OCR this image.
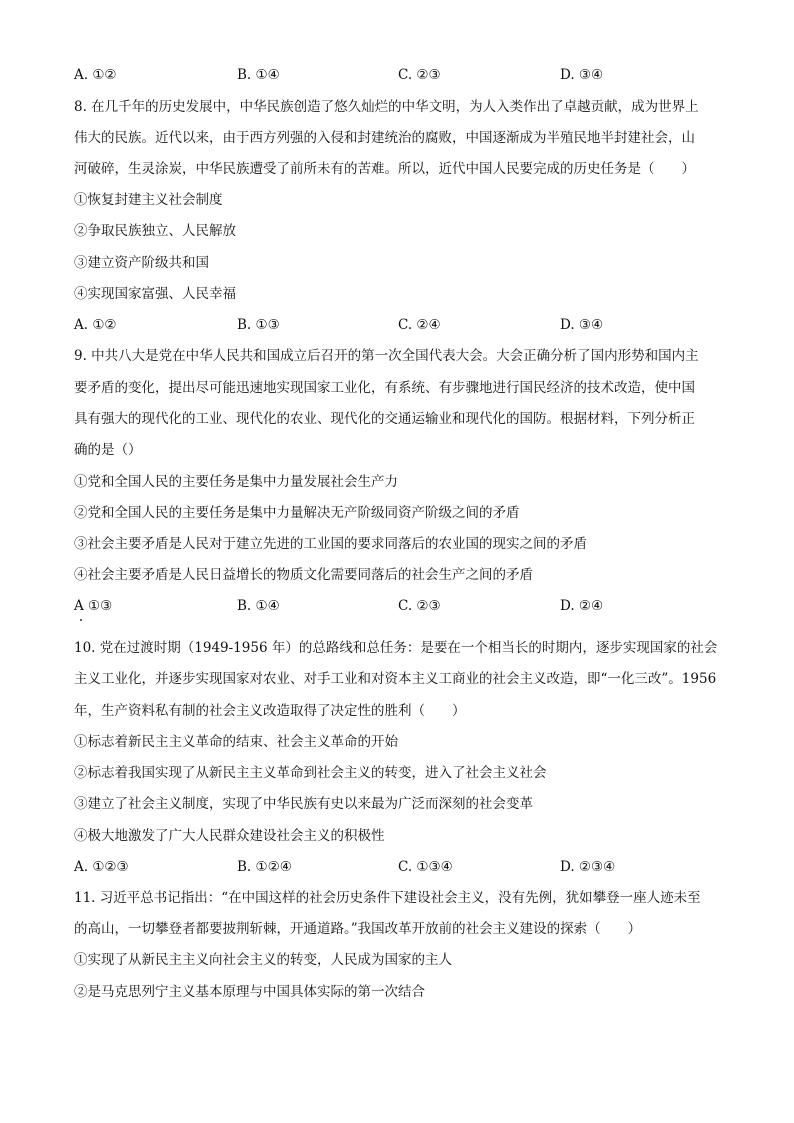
A. ①②	B. ①④	C. ②③	D. ③④
8. 在几千年的历史发展中，中华民族创造了悠久灿烂的中华文明，为人入类作出了卓越贡献，成为世界上
伟大的民族。近代以来，由于西方列强的入侵和封建统治的腐败，中国逐渐成为半殖民地半封建社会，山
河破碎，生灵涂炭，中华民族遭受了前所未有的苦难。所以，近代中国人民要完成的历史任务是（　　）
①恢复封建主义社会制度
②争取民族独立、人民解放
③建立资产阶级共和国
④实现国家富强、人民幸福
A. ①②	B. ①③	C. ②④	D. ③④
9. 中共八大是党在中华人民共和国成立后召开的第一次全国代表大会。大会正确分析了国内形势和国内主
要矛盾的变化，提出尽可能迅速地实现国家工业化，有系统、有步骤地进行国民经济的技术改造，使中国
具有强大的现代化的工业、现代化的农业、现代化的交通运输业和现代化的国防。根据材料，下列分析正
确的是（）
①党和全国人民的主要任务是集中力量发展社会生产力
②党和全国人民的主要任务是集中力量解决无产阶级同资产阶级之间的矛盾
③社会主要矛盾是人民对于建立先进的工业国的要求同落后的农业国的现实之间的矛盾
④社会主要矛盾是人民日益增长的物质文化需要同落后的社会生产之间的矛盾
A ①③	B. ①④	C. ②③	D. ②④
10. 党在过渡时期（1949-1956 年）的总路线和总任务：是要在一个相当长的时期内，逐步实现国家的社会
主义工业化，并逐步实现国家对农业、对手工业和对资本主义工商业的社会主义改造，即“一化三改”。1956
年，生产资料私有制的社会主义改造取得了决定性的胜利（　　）
①标志着新民主主义革命的结束、社会主义革命的开始
②标志着我国实现了从新民主主义革命到社会主义的转变，进入了社会主义社会
③建立了社会主义制度，实现了中华民族有史以来最为广泛而深刻的社会变革
④极大地激发了广大人民群众建设社会主义的积极性
A. ①②③	B. ①②④	C. ①③④	D. ②③④
11. 习近平总书记指出：“在中国这样的社会历史条件下建设社会主义，没有先例，犹如攀登一座人迹未至
的高山，一切攀登者都要披荆斩棘，开通道路。”我国改革开放前的社会主义建设的探索（　　）
①实现了从新民主主义向社会主义的转变，人民成为国家的主人
②是马克思列宁主义基本原理与中国具体实际的第一次结合
